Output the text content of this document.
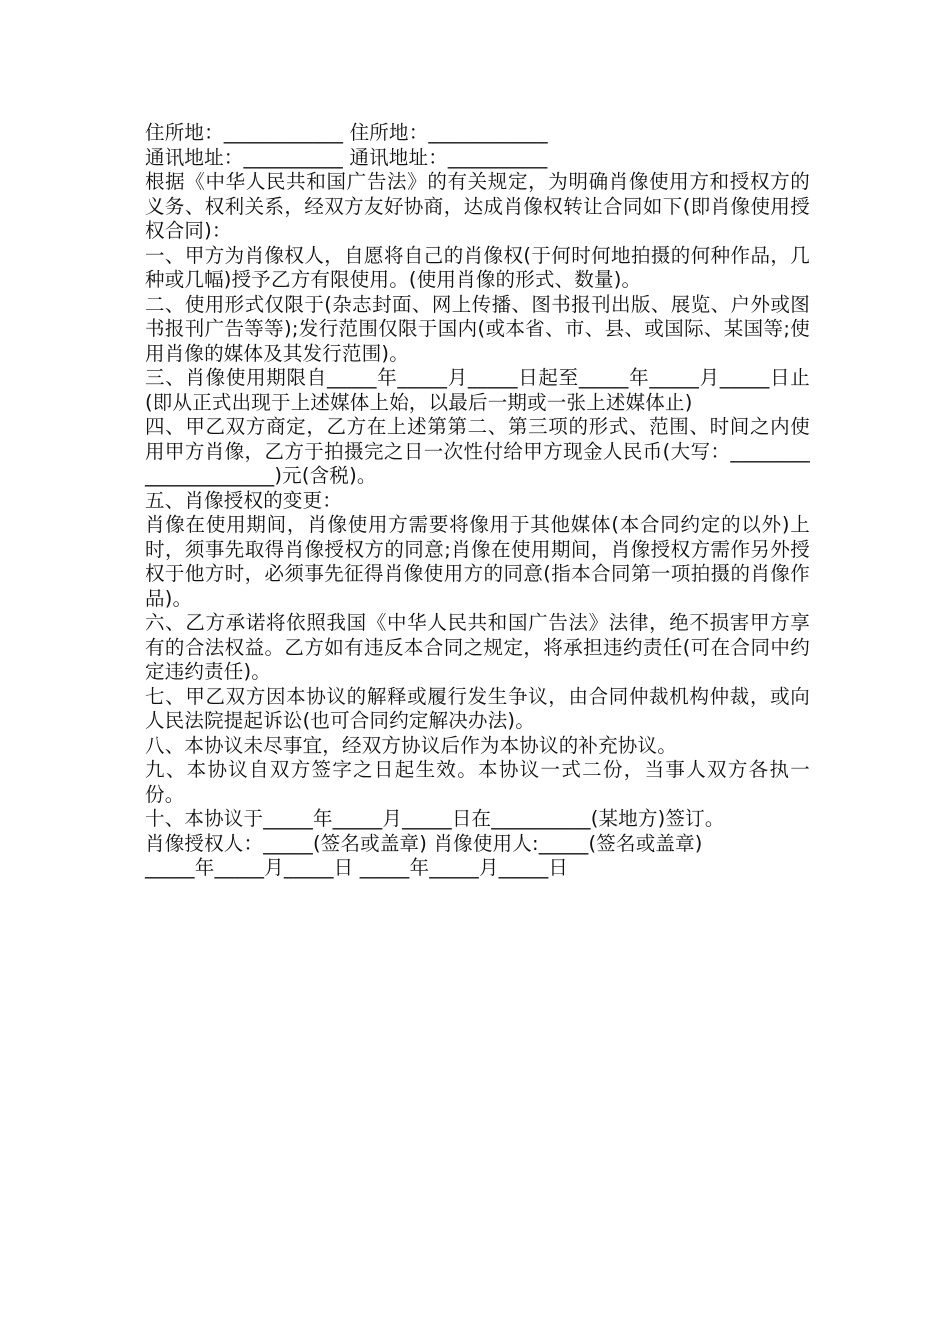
住所地：____________ 住所地：____________

通讯地址：__________ 通讯地址：__________

根据《中华人民共和国广告法》的有关规定，为明确肖像使用方和授权方的义务、权利关系，经双方友好协商，达成肖像权转让合同如下(即肖像使用授权合同)：

一、甲方为肖像权人，自愿将自己的肖像权(于何时何地拍摄的何种作品，几种或几幅)授予乙方有限使用。(使用肖像的形式、数量)。

二、使用形式仅限于(杂志封面、网上传播、图书报刊出版、展览、户外或图书报刊广告等等);发行范围仅限于国内(或本省、市、县、或国际、某国等;使用肖像的媒体及其发行范围)。

三、肖像使用期限自_____年_____月_____日起至_____年_____月_____日止(即从正式出现于上述媒体上始，以最后一期或一张上述媒体止)

四、甲乙双方商定，乙方在上述第第二、第三项的形式、范围、时间之内使用甲方肖像，乙方于拍摄完之日一次性付给甲方现金人民币(大写：_____________________)元(含税)。

五、肖像授权的变更：

肖像在使用期间，肖像使用方需要将像用于其他媒体(本合同约定的以外)上时，须事先取得肖像授权方的同意;肖像在使用期间，肖像授权方需作另外授权于他方时，必须事先征得肖像使用方的同意(指本合同第一项拍摄的肖像作品)。

六、乙方承诺将依照我国《中华人民共和国广告法》法律，绝不损害甲方享有的合法权益。乙方如有违反本合同之规定，将承担违约责任(可在合同中约定违约责任)。

七、甲乙双方因本协议的解释或履行发生争议，由合同仲裁机构仲裁，或向人民法院提起诉讼(也可合同约定解决办法)。

八、本协议未尽事宜，经双方协议后作为本协议的补充协议。

九、本协议自双方签字之日起生效。本协议一式二份，当事人双方各执一份。

十、本协议于_____年_____月_____日在__________(某地方)签订。

肖像授权人：_____(签名或盖章) 肖像使用人:_____(签名或盖章)

_____年_____月_____日 _____年_____月_____日
